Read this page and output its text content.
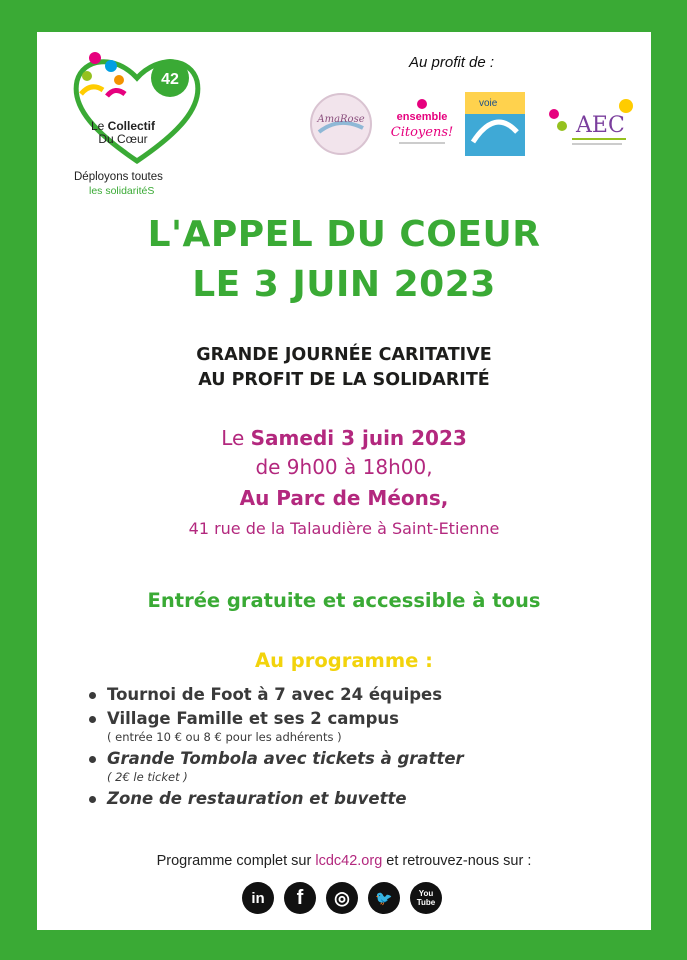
42
Le Collectif
Du Cœur
Déployons toutes
les solidaritéS
Au profit de :
AmaRose	ensemble
Citoyens!
voie
AEC
L'APPEL DU COEUR
LE 3 JUIN 2023
GRANDE JOURNÉE CARITATIVE
AU PROFIT DE LA SOLIDARITÉ
Le Samedi 3 juin 2023
de 9h00 à 18h00,
Au Parc de Méons,
41 rue de la Talaudière à Saint-Etienne
Entrée gratuite et accessible à tous
Au programme :
Tournoi de Foot à 7 avec 24 équipes
Village Famille et ses 2 campus
( entrée 10 € ou 8 € pour les adhérents )
Grande Tombola avec tickets à gratter
( 2€ le ticket )
Zone de restauration et buvette
Programme complet sur lcdc42.org et retrouvez-nous sur :
in	f	◎	🐦	You
Tube
